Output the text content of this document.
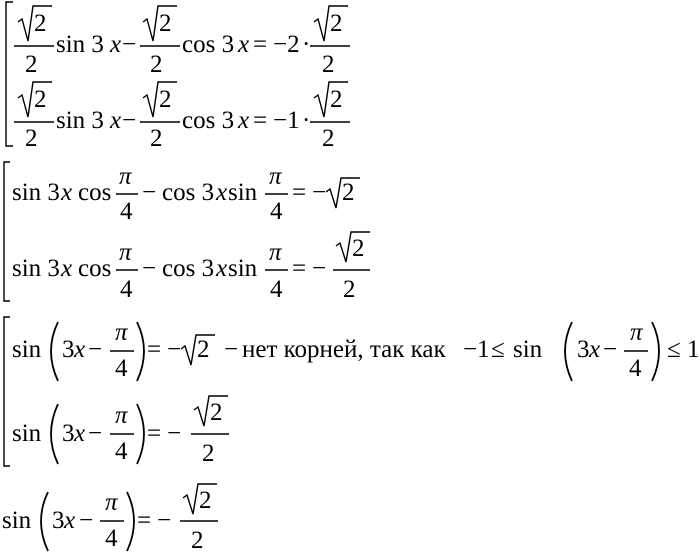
2
2
sin 3 x −
2
2
cos 3 x = −2 ·
2
2
2
2
sin 3 x −
2
2
cos 3 x = −1 ·
2
2
sin 3 x cos
π
4
− cos 3 x sin
π
4
= − 2
sin 3 x cos
π
4
− cos 3 x sin
π
4
= −
2
2
sin 3 x −
π
4
= − 2 − нет корней, так как −1 ≤ sin 3 x −
π
4
≤ 1
sin 3 x −
π
4
= −
2
2
sin 3 x −
π
4
= −
2
2
